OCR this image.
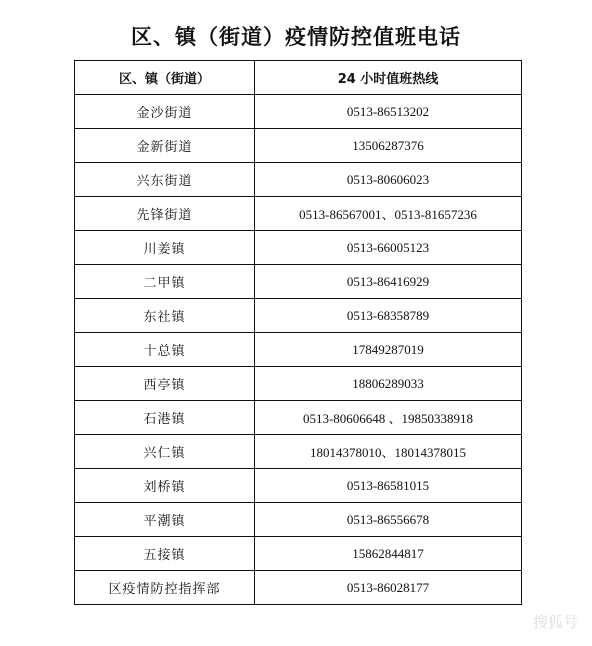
区、镇（街道）疫情防控值班电话
区、镇（街道）	24 小时值班热线
金沙街道	0513-86513202
金新街道	13506287376
兴东街道	0513-80606023
先锋街道	0513-86567001、0513-81657236
川姜镇	0513-66005123
二甲镇	0513-86416929
东社镇	0513-68358789
十总镇	17849287019
西亭镇	18806289033
石港镇	0513-80606648 、19850338918
兴仁镇	18014378010、18014378015
刘桥镇	0513-86581015
平潮镇	0513-86556678
五接镇	15862844817
区疫情防控指挥部	0513-86028177
搜狐号
